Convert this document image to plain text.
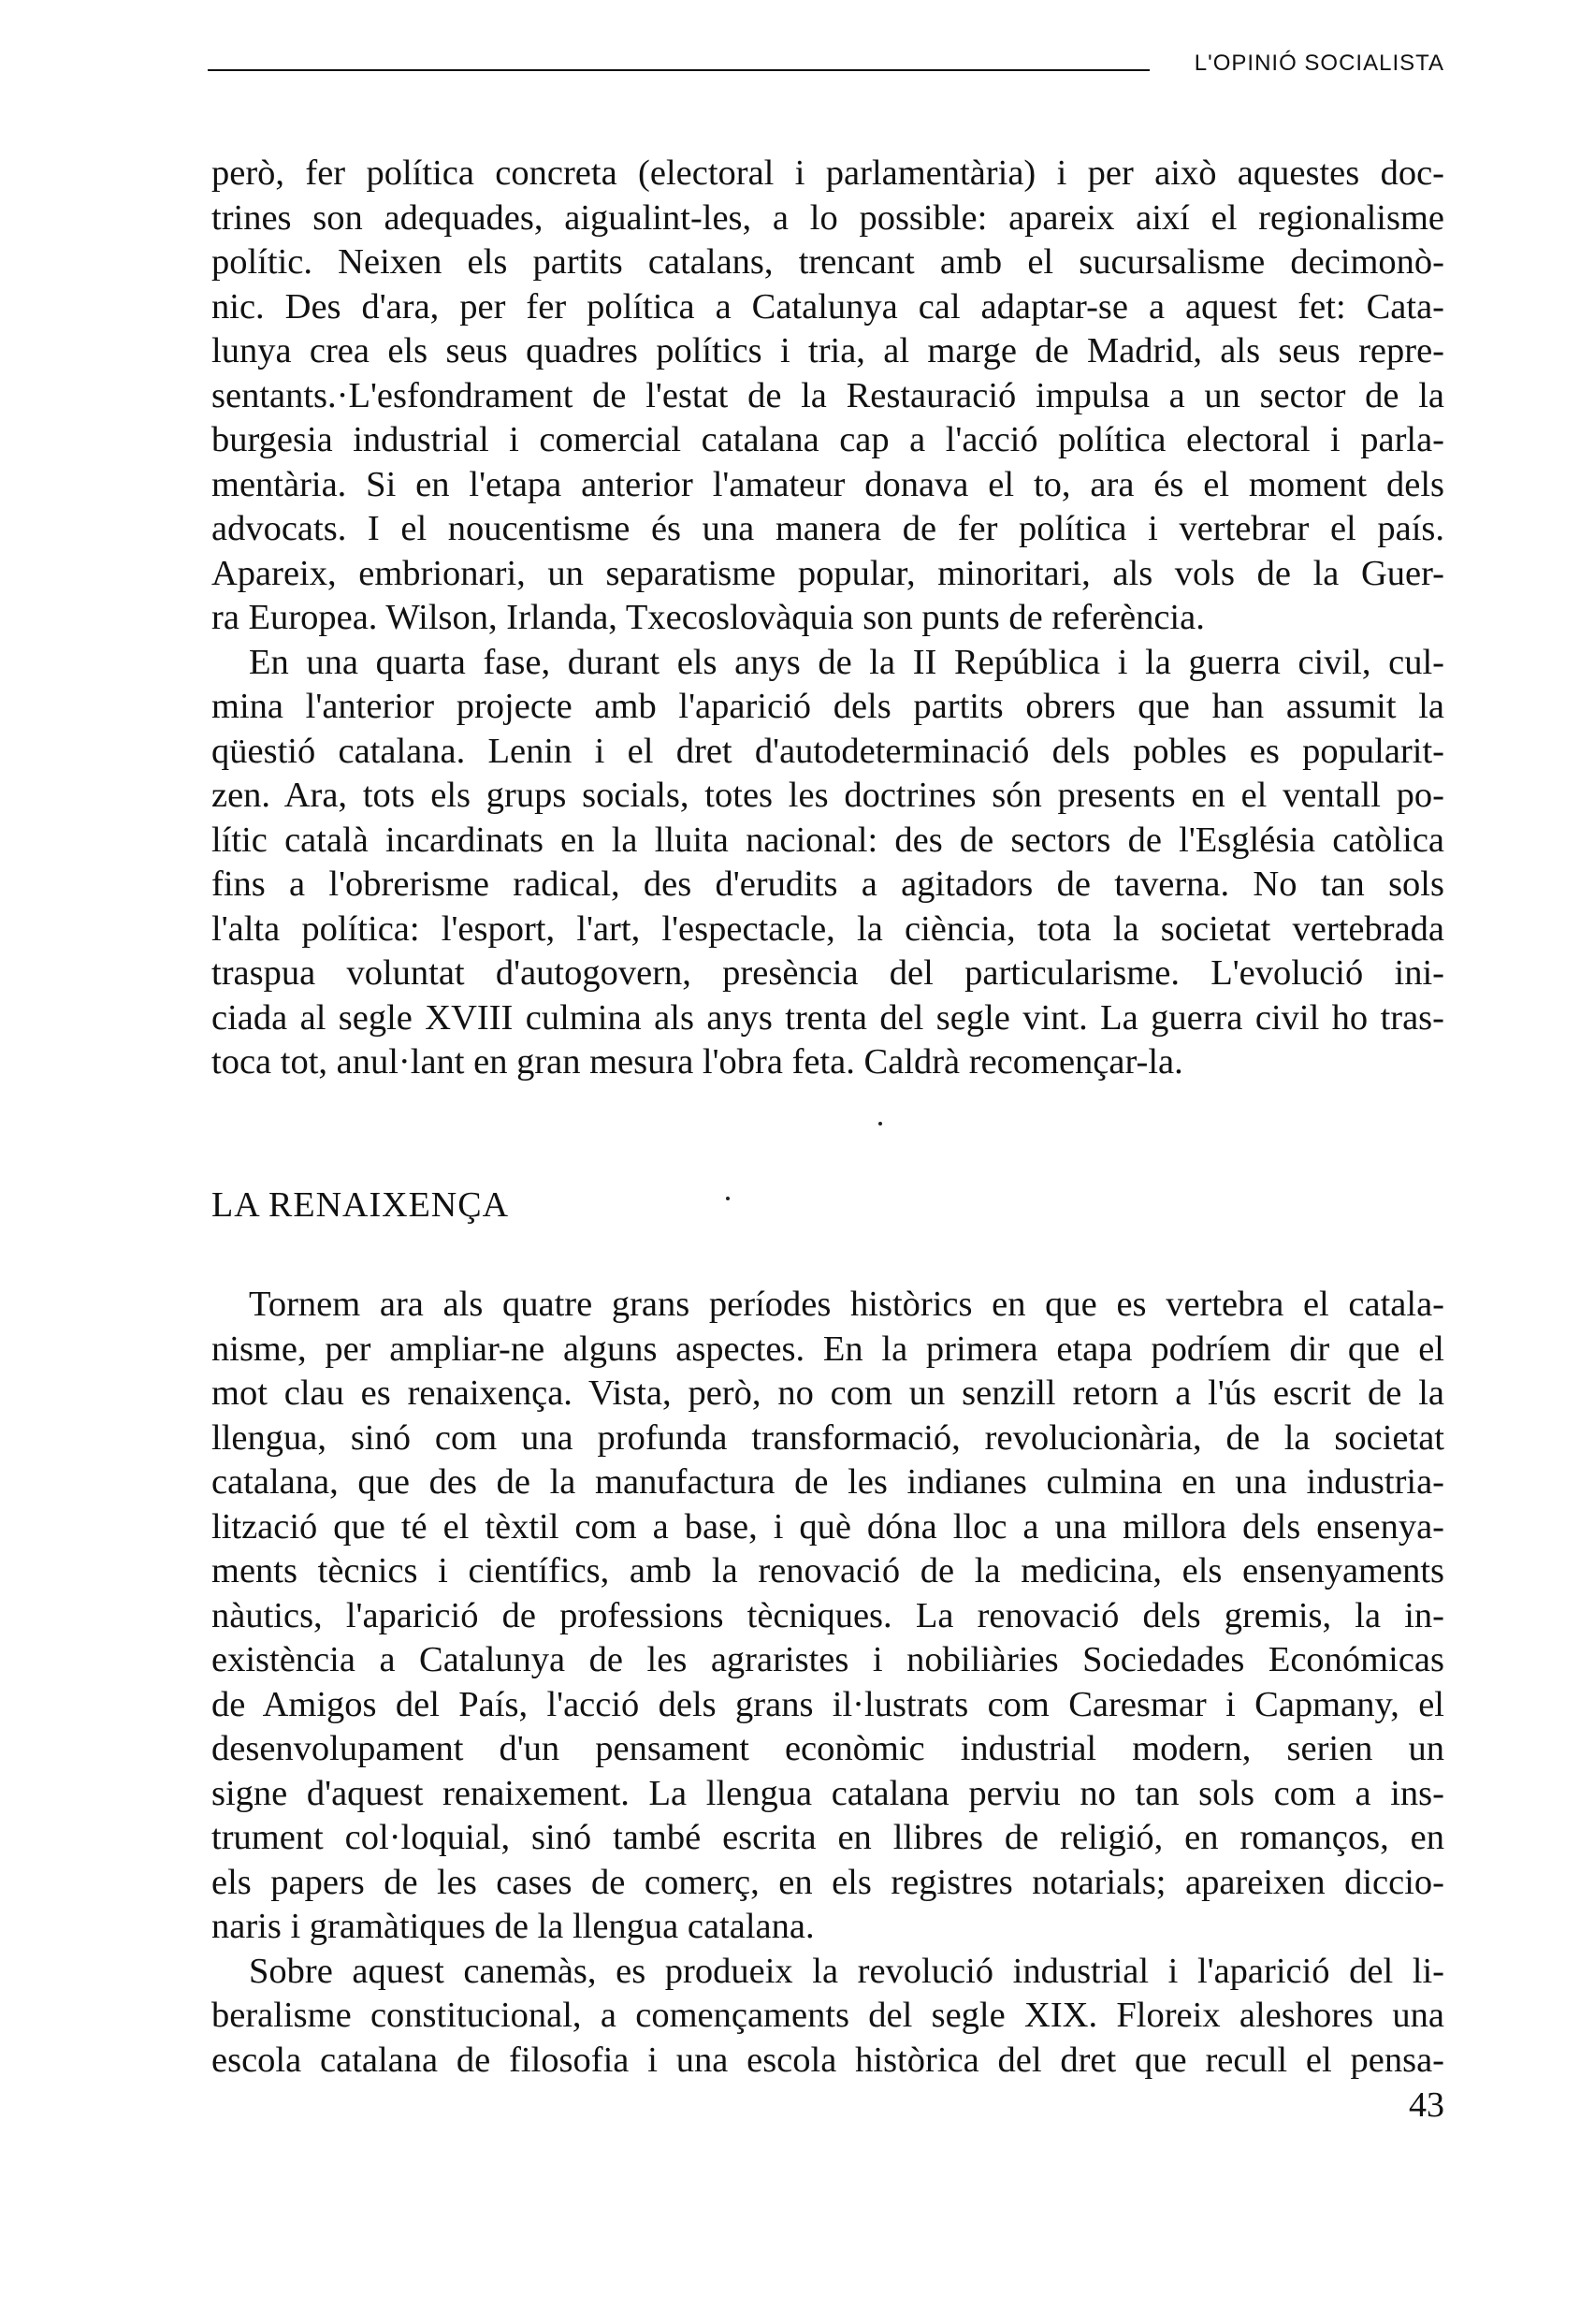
L'OPINIÓ SOCIALISTA
però, fer política concreta (electoral i parlamentària) i per això aquestes doc-
trines son adequades, aigualint-les, a lo possible: apareix així el regionalisme
polític. Neixen els partits catalans, trencant amb el sucursalisme decimonò-
nic. Des d'ara, per fer política a Catalunya cal adaptar-se a aquest fet: Cata-
lunya crea els seus quadres polítics i tria, al marge de Madrid, als seus repre-
sentants.·L'esfondrament de l'estat de la Restauració impulsa a un sector de la
burgesia industrial i comercial catalana cap a l'acció política electoral i parla-
mentària. Si en l'etapa anterior l'amateur donava el to, ara és el moment dels
advocats. I el noucentisme és una manera de fer política i vertebrar el país.
Apareix, embrionari, un separatisme popular, minoritari, als vols de la Guer-
ra Europea. Wilson, Irlanda, Txecoslovàquia son punts de referència.
En una quarta fase, durant els anys de la II República i la guerra civil, cul-
mina l'anterior projecte amb l'aparició dels partits obrers que han assumit la
qüestió catalana. Lenin i el dret d'autodeterminació dels pobles es popularit-
zen. Ara, tots els grups socials, totes les doctrines són presents en el ventall po-
lític català incardinats en la lluita nacional: des de sectors de l'Església catòlica
fins a l'obrerisme radical, des d'erudits a agitadors de taverna. No tan sols
l'alta política: l'esport, l'art, l'espectacle, la ciència, tota la societat vertebrada
traspua voluntat d'autogovern, presència del particularisme. L'evolució ini-
ciada al segle XVIII culmina als anys trenta del segle vint. La guerra civil ho tras-
toca tot, anul·lant en gran mesura l'obra feta. Caldrà recomençar-la.
LA RENAIXENÇA
Tornem ara als quatre grans períodes històrics en que es vertebra el catala-
nisme, per ampliar-ne alguns aspectes. En la primera etapa podríem dir que el
mot clau es renaixença. Vista, però, no com un senzill retorn a l'ús escrit de la
llengua, sinó com una profunda transformació, revolucionària, de la societat
catalana, que des de la manufactura de les indianes culmina en una industria-
lització que té el tèxtil com a base, i què dóna lloc a una millora dels ensenya-
ments tècnics i científics, amb la renovació de la medicina, els ensenyaments
nàutics, l'aparició de professions tècniques. La renovació dels gremis, la in-
existència a Catalunya de les agraristes i nobiliàries Sociedades Económicas
de Amigos del País, l'acció dels grans il·lustrats com Caresmar i Capmany, el
desenvolupament d'un pensament econòmic industrial modern, serien un
signe d'aquest renaixement. La llengua catalana perviu no tan sols com a ins-
trument col·loquial, sinó també escrita en llibres de religió, en romanços, en
els papers de les cases de comerç, en els registres notarials; apareixen diccio-
naris i gramàtiques de la llengua catalana.
Sobre aquest canemàs, es produeix la revolució industrial i l'aparició del li-
beralisme constitucional, a començaments del segle XIX. Floreix aleshores una
escola catalana de filosofia i una escola històrica del dret que recull el pensa-
43
